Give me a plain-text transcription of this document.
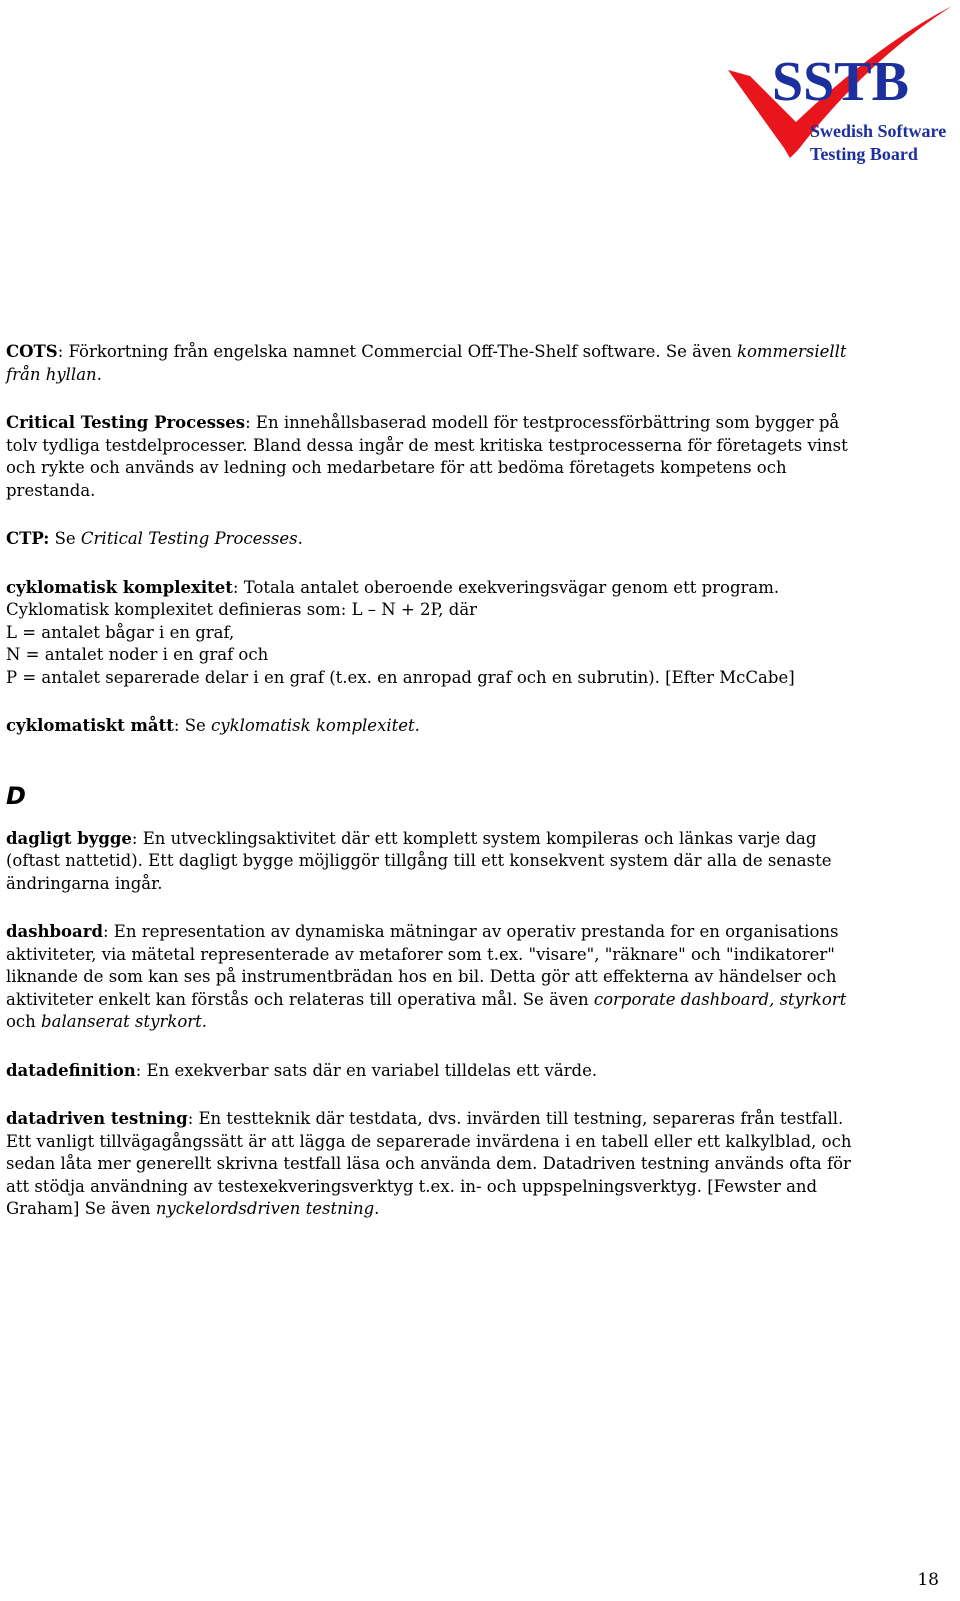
SSTB
Swedish Software
Testing Board

COTS: Förkortning från engelska namnet Commercial Off-The-Shelf software. Se även kommersiellt
från hyllan.

Critical Testing Processes: En innehållsbaserad modell för testprocessförbättring som bygger på
tolv tydliga testdelprocesser. Bland dessa ingår de mest kritiska testprocesserna för företagets vinst
och rykte och används av ledning och medarbetare för att bedöma företagets kompetens och
prestanda.

CTP: Se Critical Testing Processes.

cyklomatisk komplexitet: Totala antalet oberoende exekveringsvägar genom ett program.
Cyklomatisk komplexitet definieras som: L – N + 2P, där
L = antalet bågar i en graf,
N = antalet noder i en graf och
P = antalet separerade delar i en graf (t.ex. en anropad graf och en subrutin). [Efter McCabe]

cyklomatiskt mått: Se cyklomatisk komplexitet.

D

dagligt bygge: En utvecklingsaktivitet där ett komplett system kompileras och länkas varje dag
(oftast nattetid). Ett dagligt bygge möjliggör tillgång till ett konsekvent system där alla de senaste
ändringarna ingår.

dashboard: En representation av dynamiska mätningar av operativ prestanda for en organisations
aktiviteter, via mätetal representerade av metaforer som t.ex. "visare", "räknare" och "indikatorer"
liknande de som kan ses på instrumentbrädan hos en bil. Detta gör att effekterna av händelser och
aktiviteter enkelt kan förstås och relateras till operativa mål. Se även corporate dashboard, styrkort
och balanserat styrkort.

datadefinition: En exekverbar sats där en variabel tilldelas ett värde.

datadriven testning: En testteknik där testdata, dvs. invärden till testning, separeras från testfall.
Ett vanligt tillvägagångssätt är att lägga de separerade invärdena i en tabell eller ett kalkylblad, och
sedan låta mer generellt skrivna testfall läsa och använda dem. Datadriven testning används ofta för
att stödja användning av testexekveringsverktyg t.ex. in- och uppspelningsverktyg. [Fewster and
Graham] Se även nyckelordsdriven testning.

18
